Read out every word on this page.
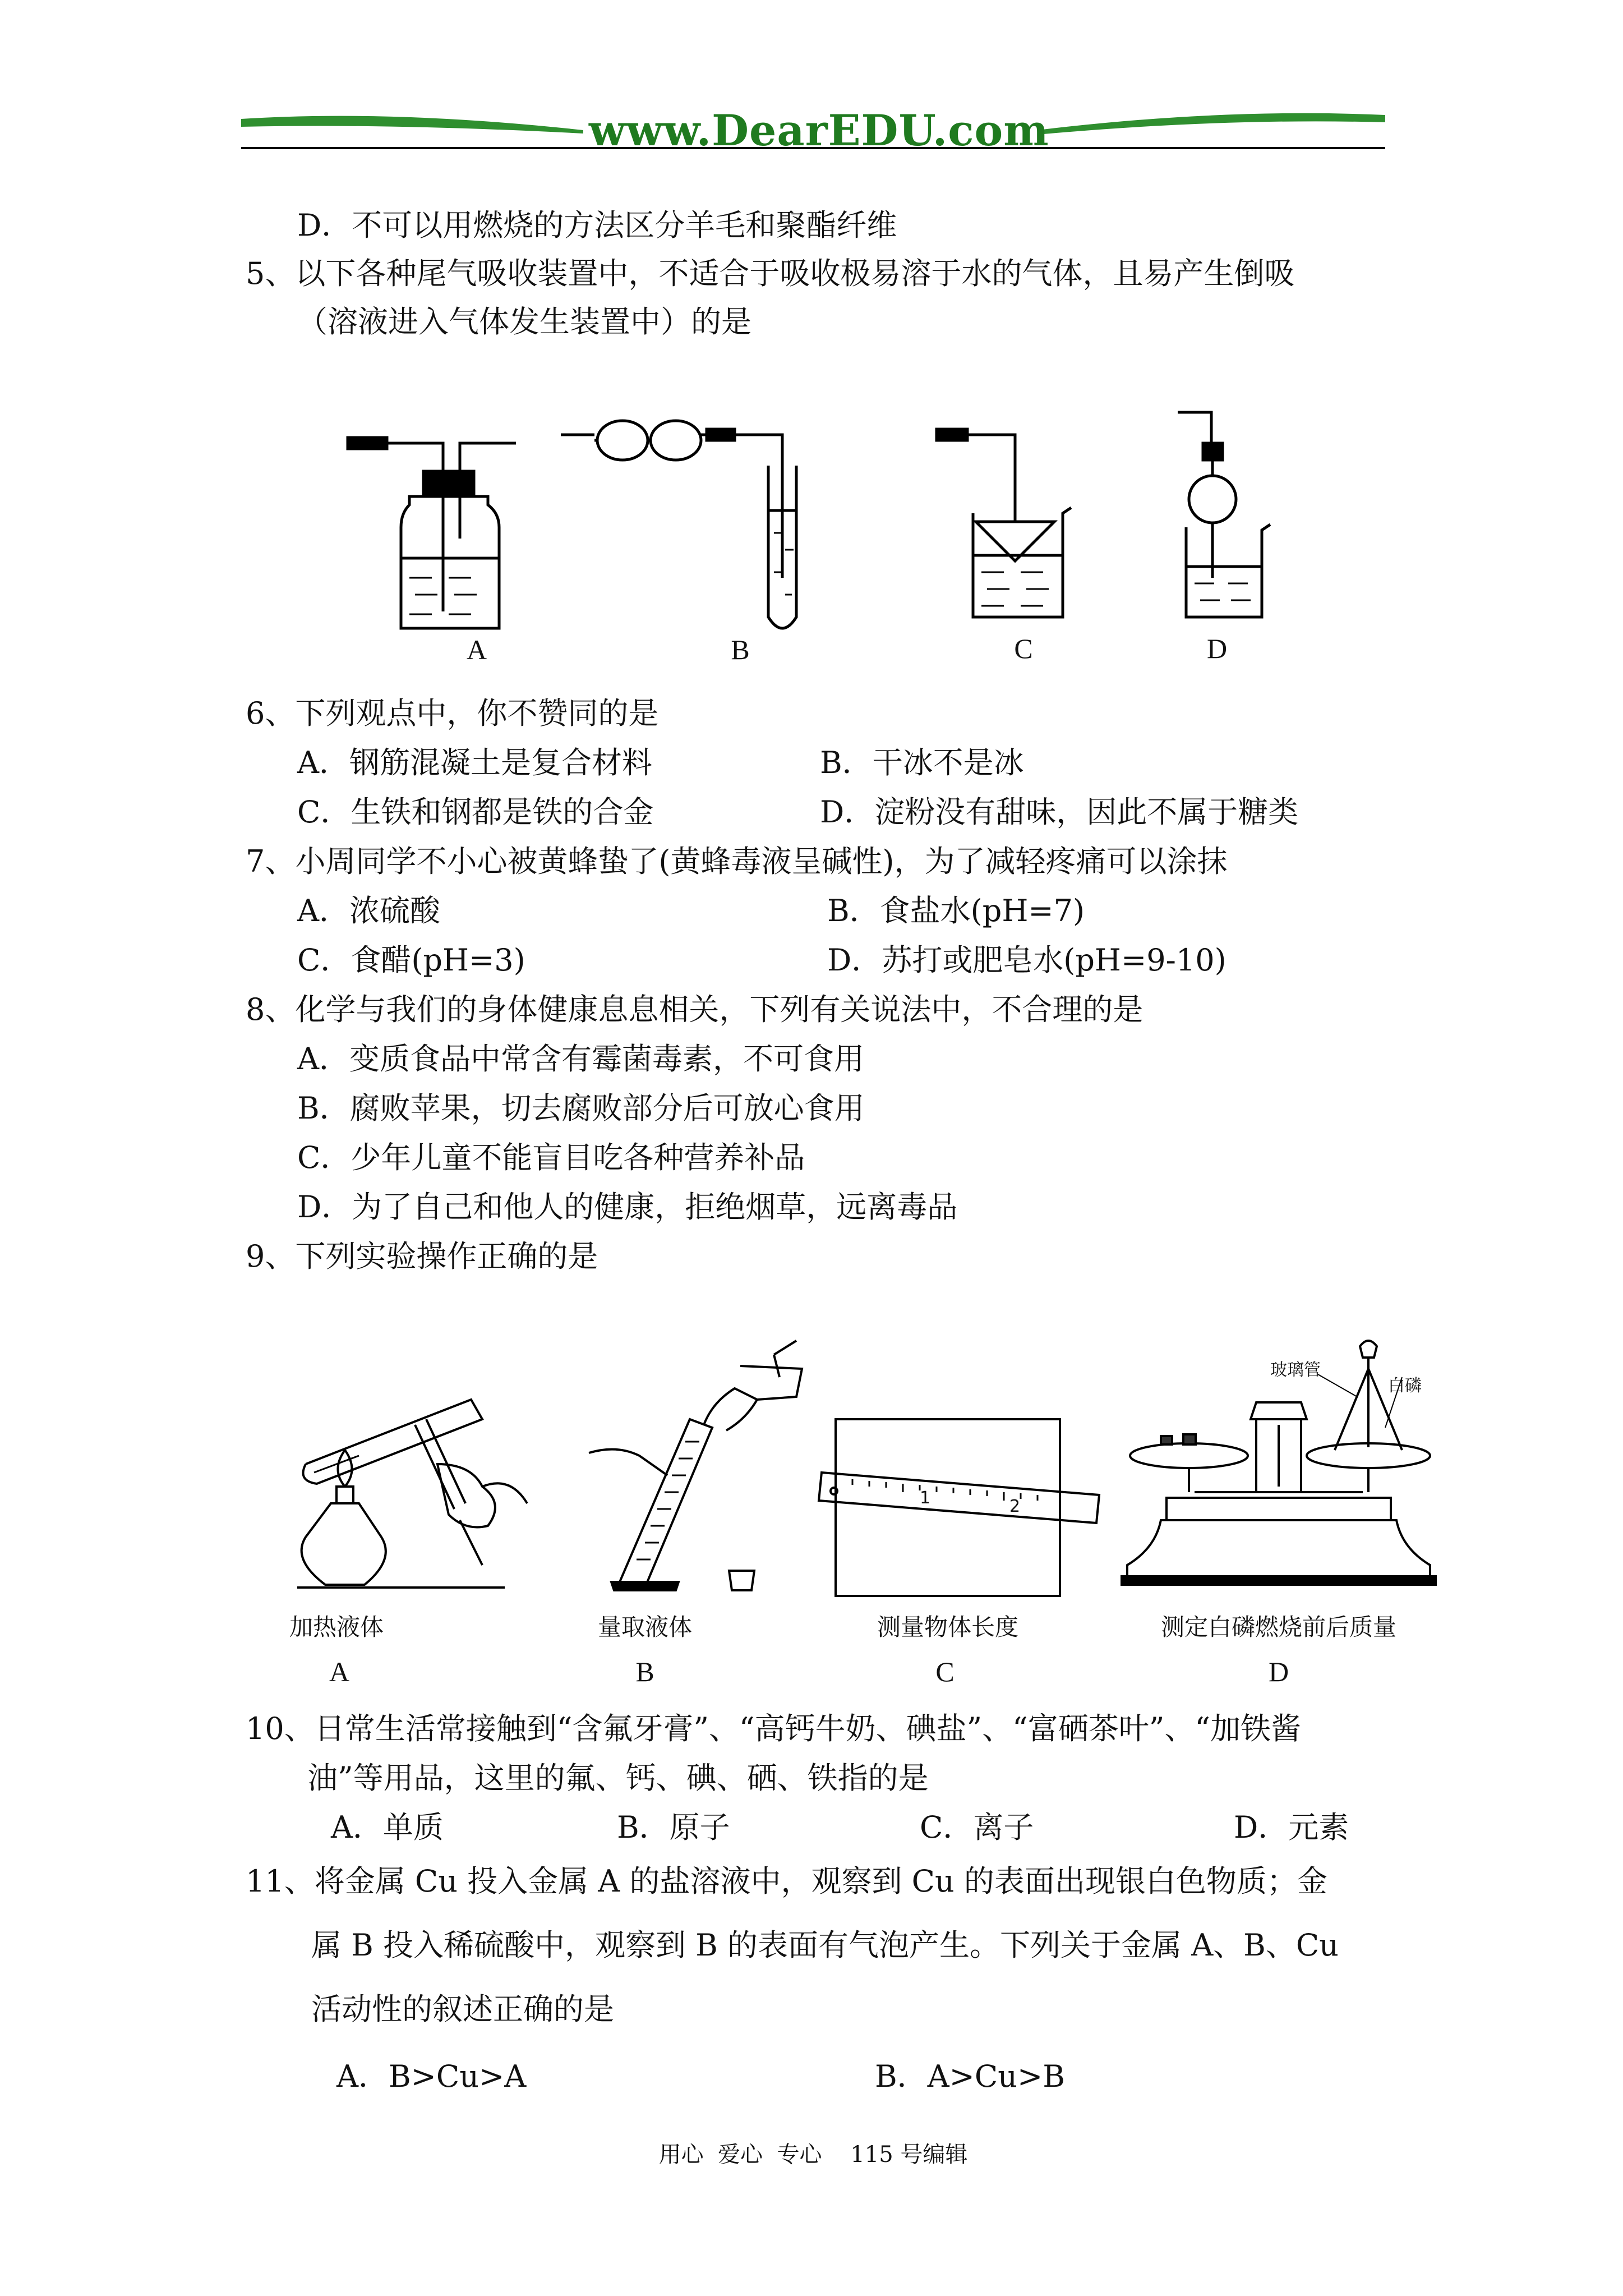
www.DearEDU.com
D．不可以用燃烧的方法区分羊毛和聚酯纤维
5、以下各种尾气吸收装置中，不适合于吸收极易溶于水的气体，且易产生倒吸
（溶液进入气体发生装置中）的是
A	B	C	D
6、下列观点中，你不赞同的是
A．钢筋混凝土是复合材料	B．干冰不是冰
C．生铁和钢都是铁的合金	D．淀粉没有甜味，因此不属于糖类
7、小周同学不小心被黄蜂蛰了(黄蜂毒液呈碱性)，为了减轻疼痛可以涂抹
A．浓硫酸	B．食盐水(pH=7)
C．食醋(pH=3)	D．苏打或肥皂水(pH=9-10)
8、化学与我们的身体健康息息相关，下列有关说法中，不合理的是
A．变质食品中常含有霉菌毒素，不可食用
B．腐败苹果，切去腐败部分后可放心食用
C．少年儿童不能盲目吃各种营养补品
D．为了自己和他人的健康，拒绝烟草，远离毒品
9、下列实验操作正确的是
1	2
玻璃管
白磷
加热液体	量取液体	测量物体长度	测定白磷燃烧前后质量
A	B	C	D
10、日常生活常接触到“含氟牙膏”、“高钙牛奶、碘盐”、“富硒茶叶”、“加铁酱
油”等用品，这里的氟、钙、碘、硒、铁指的是
A．单质	B．原子	C．离子	D．元素
11、将金属 Cu 投入金属 A 的盐溶液中，观察到 Cu 的表面出现银白色物质；金
属 B 投入稀硫酸中，观察到 B 的表面有气泡产生。下列关于金属 A、B、Cu
活动性的叙述正确的是
A．B>Cu>A	B．A>Cu>B
用心  爱心  专心    115 号编辑
